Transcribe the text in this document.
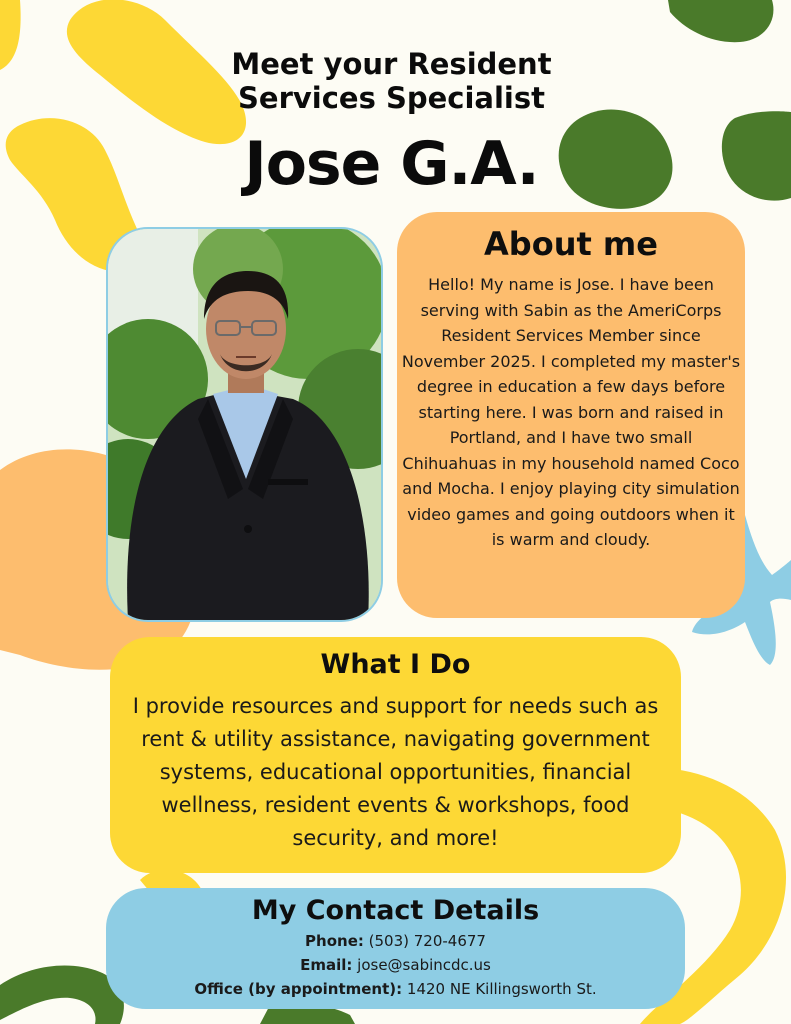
Meet your Resident
Services Specialist
Jose G.A.
About me
Hello! My name is Jose. I have been serving with Sabin as the AmeriCorps Resident Services Member since November 2025. I completed my master's degree in education a few days before starting here. I was born and raised in Portland, and I have two small Chihuahuas in my household named Coco and Mocha. I enjoy playing city simulation video games and going outdoors when it is warm and cloudy.
What I Do
I provide resources and support for needs such as rent & utility assistance, navigating government systems, educational opportunities, financial wellness, resident events & workshops, food security, and more!
My Contact Details
Phone: (503) 720-4677
Email: jose@sabincdc.us
Office (by appointment): 1420 NE Killingsworth St.
